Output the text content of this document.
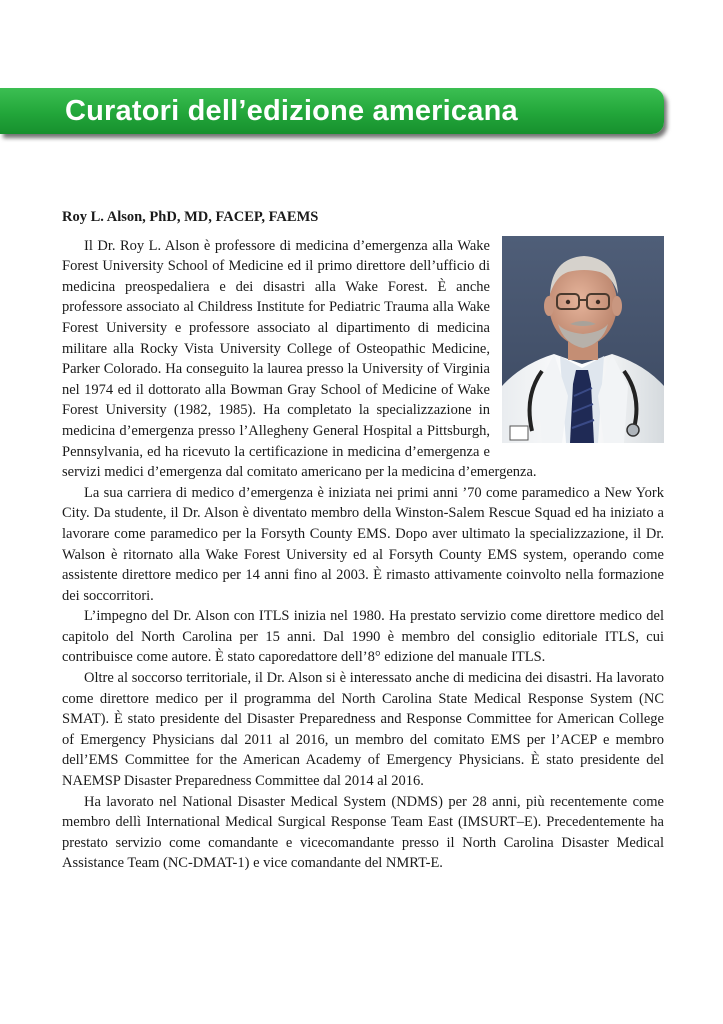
Curatori dell’edizione americana
Roy L. Alson, PhD, MD, FACEP, FAEMS

Il Dr. Roy L. Alson è professore di medicina d’emergenza alla Wake Forest University School of Medicine ed il primo direttore dell’ufficio di medicina preospedaliera e dei disastri alla Wake Forest. È anche professore associato al Childress Institute for Pediatric Trauma alla Wake Forest University e professore associato al dipartimento di medicina militare alla Rocky Vista University College of Osteopathic Medicine, Parker Colorado. Ha conseguito la laurea presso la University of Virginia nel 1974 ed il dottorato alla Bowman Gray School of Medicine of Wake Forest University (1982, 1985). Ha completato la specializzazione in medicina d’emergenza presso l’Allegheny General Hospital a Pittsburgh, Pennsylvania, ed ha ricevuto la certificazione in medicina d’emergenza e servizi medici d’emergenza dal comitato americano per la medicina d’emergenza.

La sua carriera di medico d’emergenza è iniziata nei primi anni ’70 come paramedico a New York City. Da studente, il Dr. Alson è diventato membro della Winston-Salem Rescue Squad ed ha iniziato a lavorare come paramedico per la Forsyth County EMS. Dopo aver ultimato la specializzazione, il Dr. Walson è ritornato alla Wake Forest University ed al Forsyth County EMS system, operando come assistente direttore medico per 14 anni fino al 2003. È rimasto attivamente coinvolto nella formazione dei soccorritori.

L’impegno del Dr. Alson con ITLS inizia nel 1980. Ha prestato servizio come direttore medico del capitolo del North Carolina per 15 anni. Dal 1990 è membro del consiglio editoriale ITLS, cui contribuisce come autore. È stato caporedattore dell’8° edizione del manuale ITLS.

Oltre al soccorso territoriale, il Dr. Alson si è interessato anche di medicina dei disastri. Ha lavorato come direttore medico per il programma del North Carolina State Medical Response System (NC SMAT). È stato presidente del Disaster Preparedness and Response Committee for American College of Emergency Physicians dal 2011 al 2016, un membro del comitato EMS per l’ACEP e membro dell’EMS Committee for the American Academy of Emergency Physicians. È stato presidente del NAEMSP Disaster Preparedness Committee dal 2014 al 2016.

Ha lavorato nel National Disaster Medical System (NDMS) per 28 anni, più recentemente come membro dellì International Medical Surgical Response Team East (IMSURT–E). Precedentemente ha prestato servizio come comandante e vicecomandante presso il North Carolina Disaster Medical Assistance Team (NC-DMAT-1) e vice comandante del NMRT-E.
